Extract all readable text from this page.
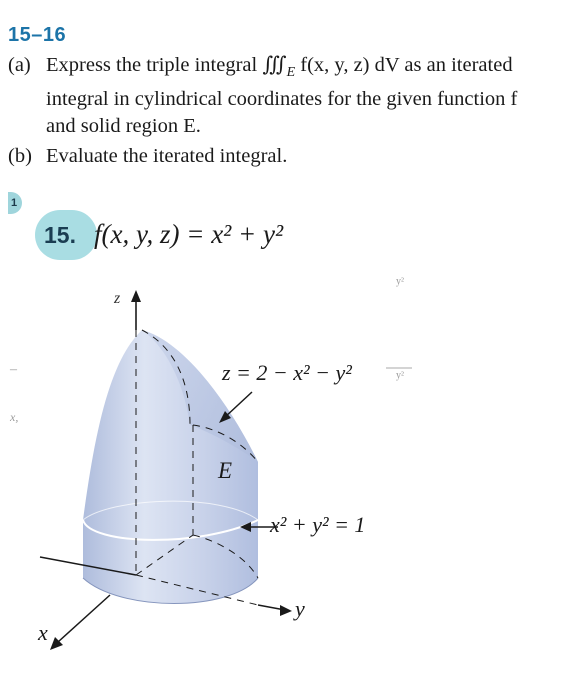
15–16
(a) Express the triple integral $∭_E$ f(x, y, z) dV as an iterated
integral in cylindrical coordinates for the given function f
and solid region E.
(b) Evaluate the iterated integral.
1
15. f(x, y, z) = x² + y²
z
z = 2 − x² − y²
E
x² + y² = 1
y
x
y²
y²
–
x,
